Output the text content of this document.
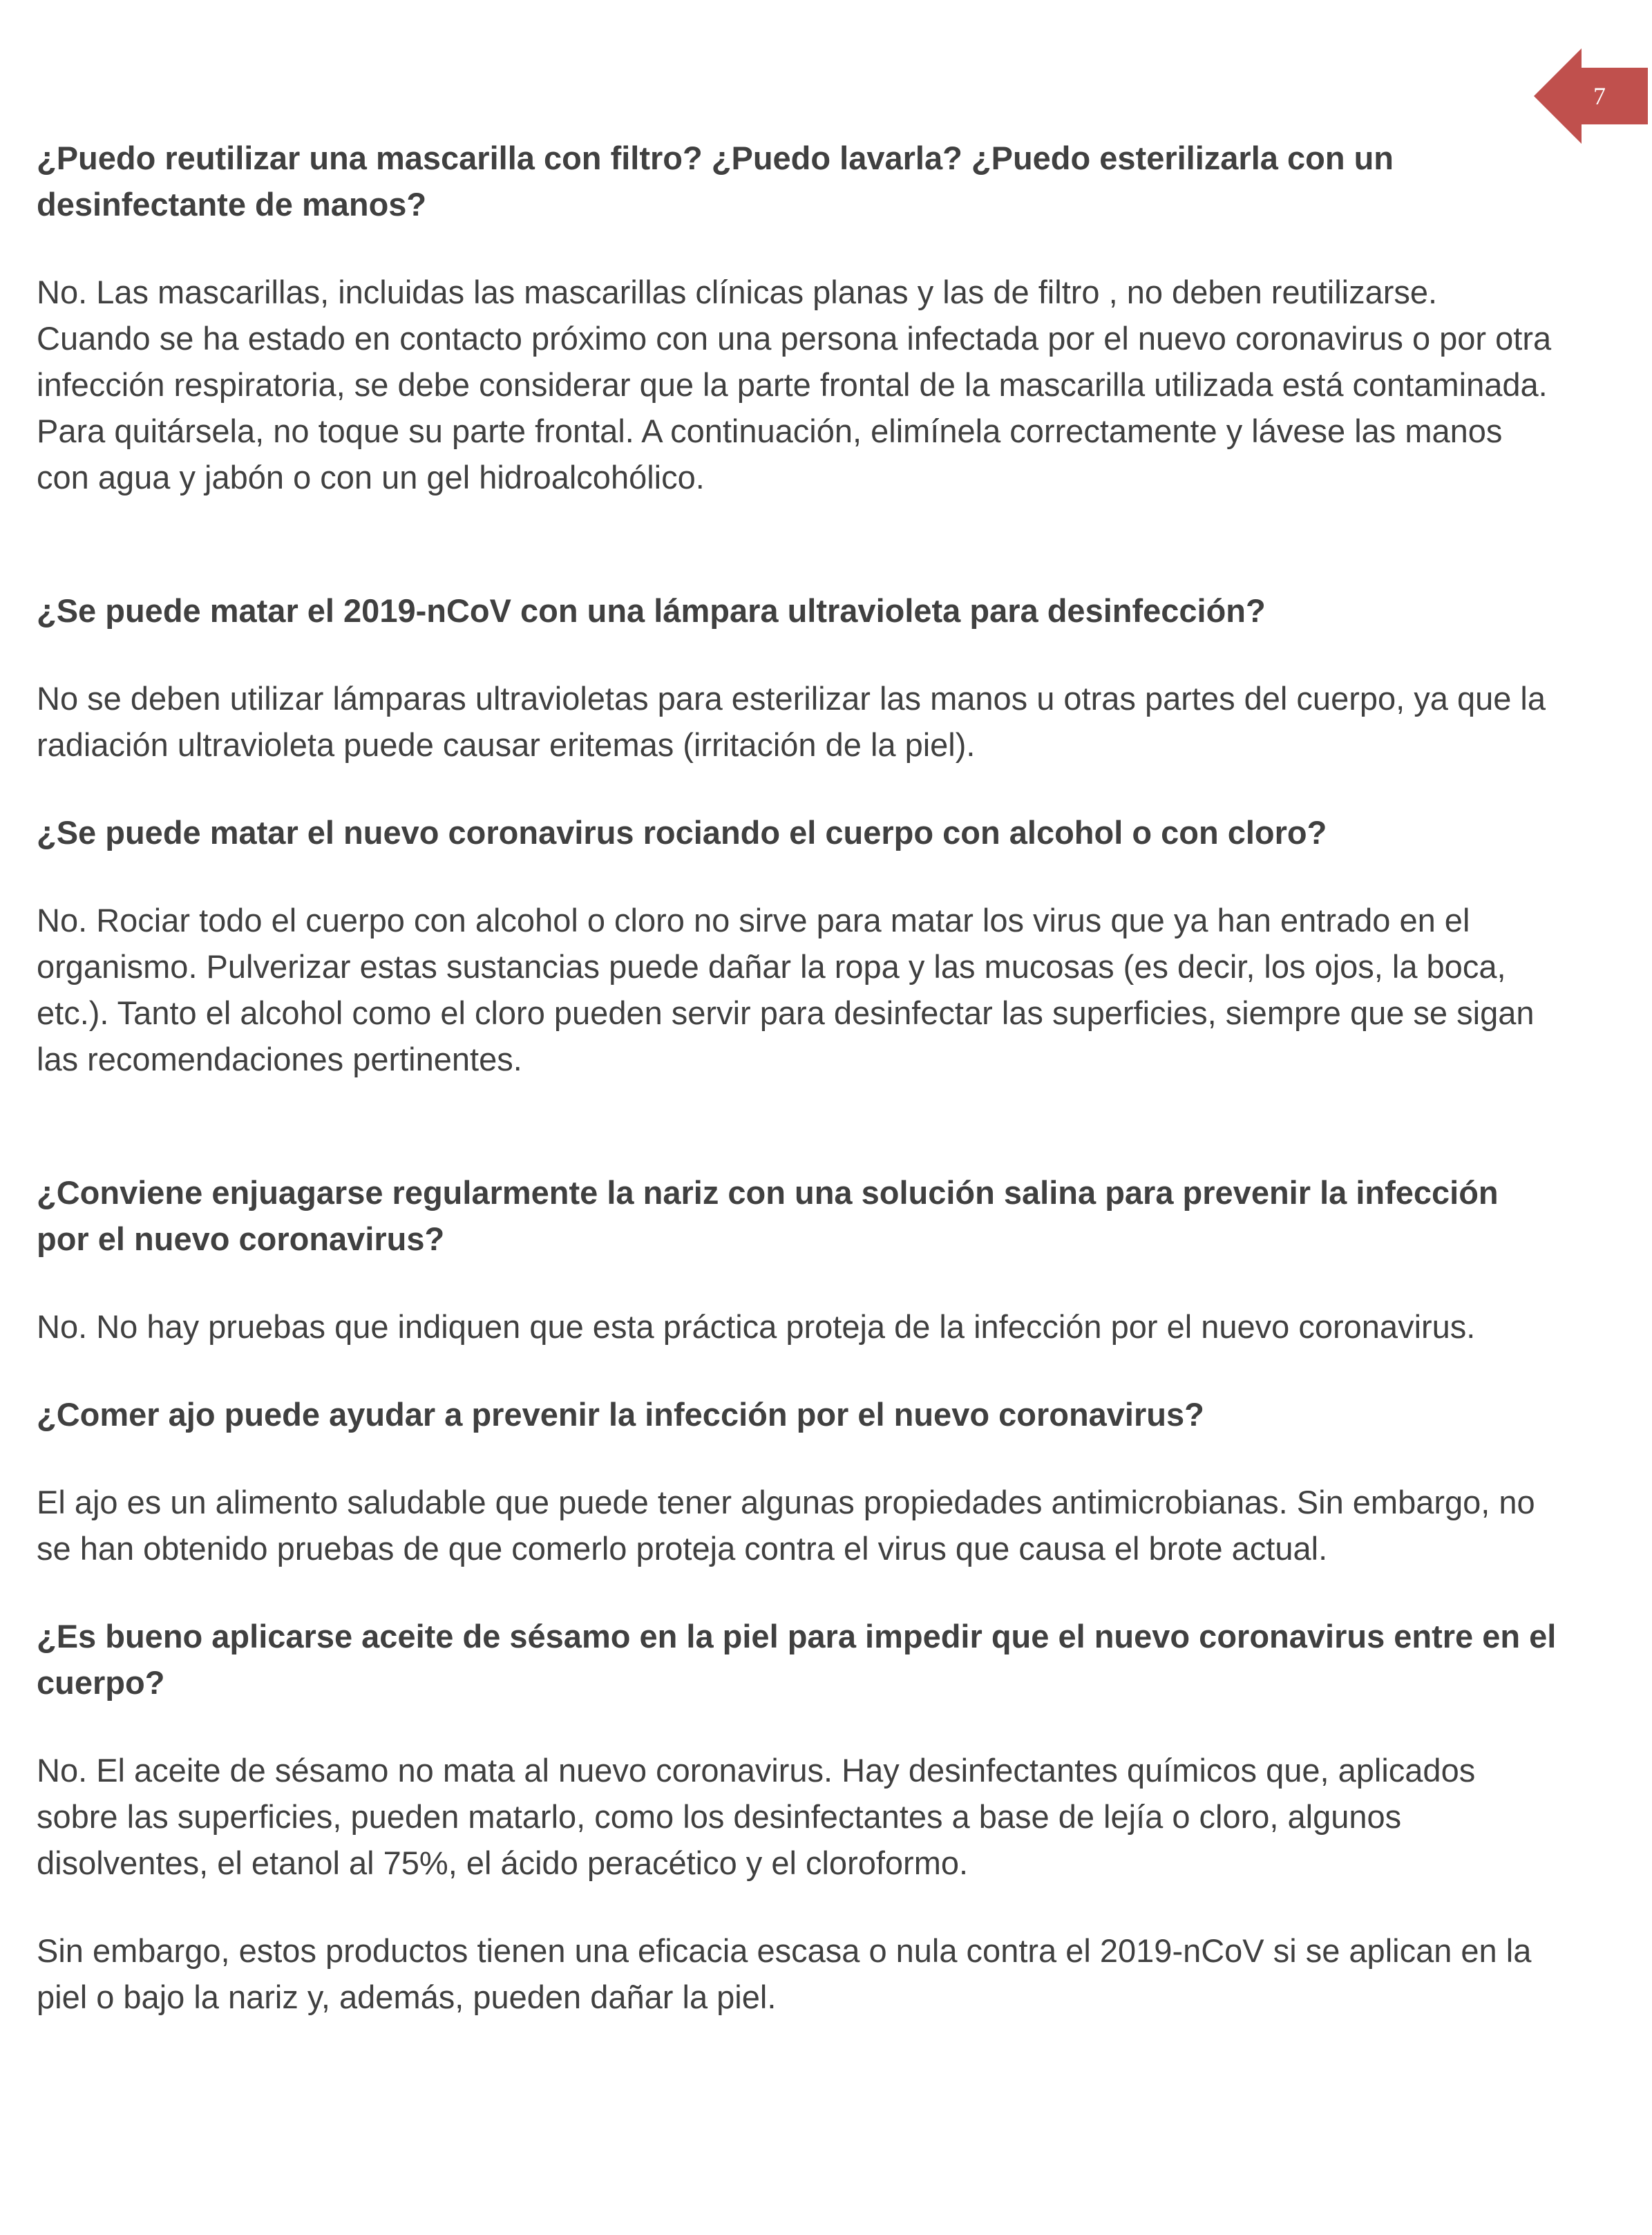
7

¿Puedo reutilizar una mascarilla con filtro? ¿Puedo lavarla? ¿Puedo esterilizarla con un desinfectante de manos?

No. Las mascarillas, incluidas las mascarillas clínicas planas y las de filtro , no deben reutilizarse. Cuando se ha estado en contacto próximo con una persona infectada por el nuevo coronavirus o por otra infección respiratoria, se debe considerar que la parte frontal de la mascarilla utilizada está contaminada. Para quitársela, no toque su parte frontal. A continuación, elimínela correctamente y lávese las manos con agua y jabón o con un gel hidroalcohólico.

¿Se puede matar el 2019-nCoV con una lámpara ultravioleta para desinfección?

No se deben utilizar lámparas ultravioletas para esterilizar las manos u otras partes del cuerpo, ya que la radiación ultravioleta puede causar eritemas (irritación de la piel).

¿Se puede matar el nuevo coronavirus rociando el cuerpo con alcohol o con cloro?

No. Rociar todo el cuerpo con alcohol o cloro no sirve para matar los virus que ya han entrado en el organismo. Pulverizar estas sustancias puede dañar la ropa y las mucosas (es decir, los ojos, la boca, etc.). Tanto el alcohol como el cloro pueden servir para desinfectar las superficies, siempre que se sigan las recomendaciones pertinentes.

¿Conviene enjuagarse regularmente la nariz con una solución salina para prevenir la infección por el nuevo coronavirus?

No. No hay pruebas que indiquen que esta práctica proteja de la infección por el nuevo coronavirus.

¿Comer ajo puede ayudar a prevenir la infección por el nuevo coronavirus?

El ajo es un alimento saludable que puede tener algunas propiedades antimicrobianas. Sin embargo, no se han obtenido pruebas de que comerlo proteja contra el virus que causa el brote actual.

¿Es bueno aplicarse aceite de sésamo en la piel para impedir que el nuevo coronavirus entre en el cuerpo?

No. El aceite de sésamo no mata al nuevo coronavirus. Hay desinfectantes químicos que, aplicados sobre las superficies, pueden matarlo, como los desinfectantes a base de lejía o cloro, algunos disolventes, el etanol al 75%, el ácido peracético y el cloroformo.

Sin embargo, estos productos tienen una eficacia escasa o nula contra el 2019-nCoV si se aplican en la piel o bajo la nariz y, además, pueden dañar la piel.
